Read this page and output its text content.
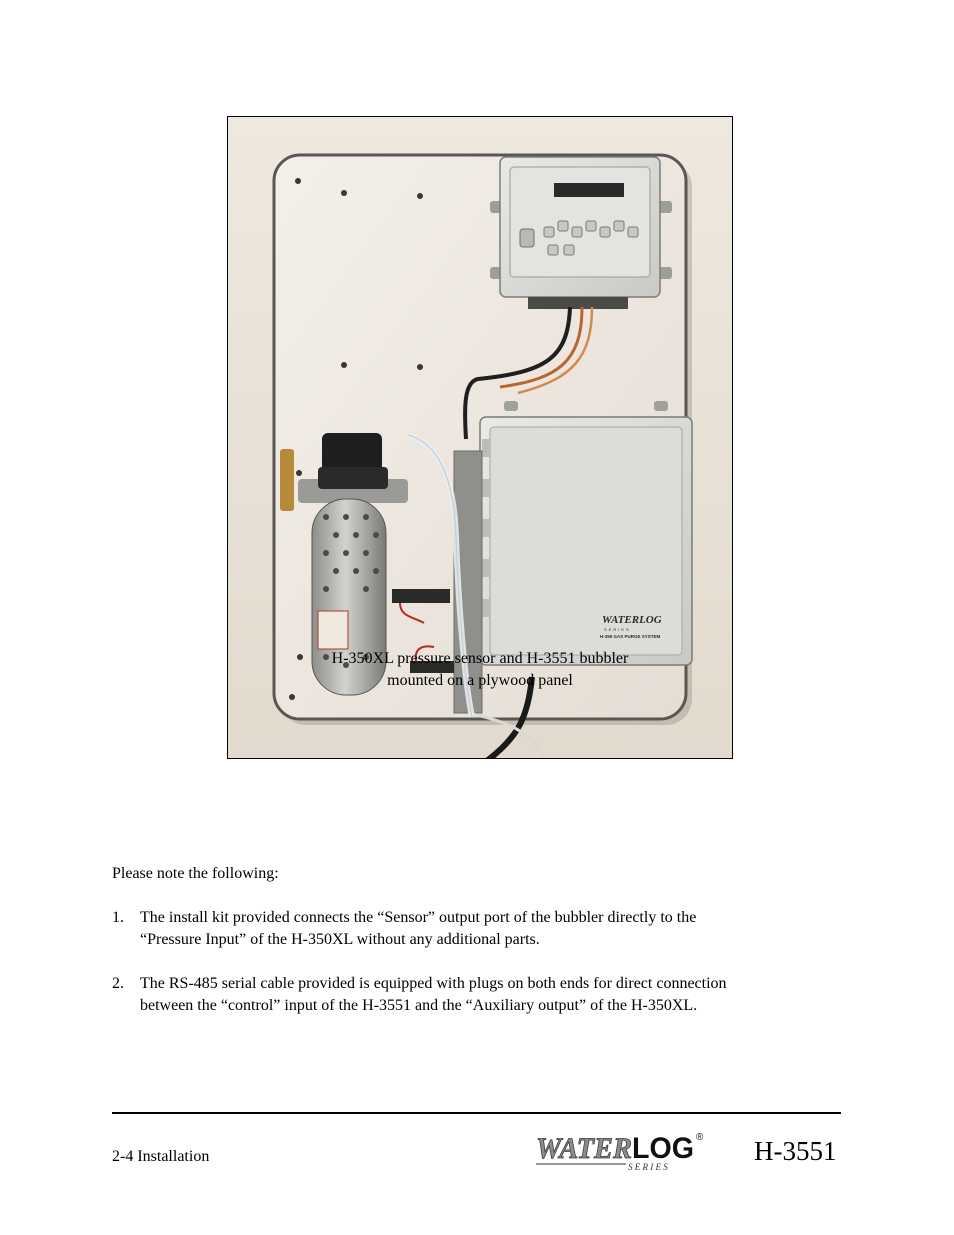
WATERLOG
SERIES
H-355 GAS PURGE SYSTEM
H-350XL pressure sensor and H-3551 bubbler
mounted on a plywood panel
Please note the following:
1. The install kit provided connects the “Sensor” output port of the bubbler directly to the
“Pressure Input” of the H-350XL without any additional parts.
2. The RS-485 serial cable provided is equipped with plugs on both ends for direct connection
between the “control” input of the H-3551 and the “Auxiliary output” of the H-350XL.
2-4 Installation	WATER LOG ®
S E R I E S
H-3551
